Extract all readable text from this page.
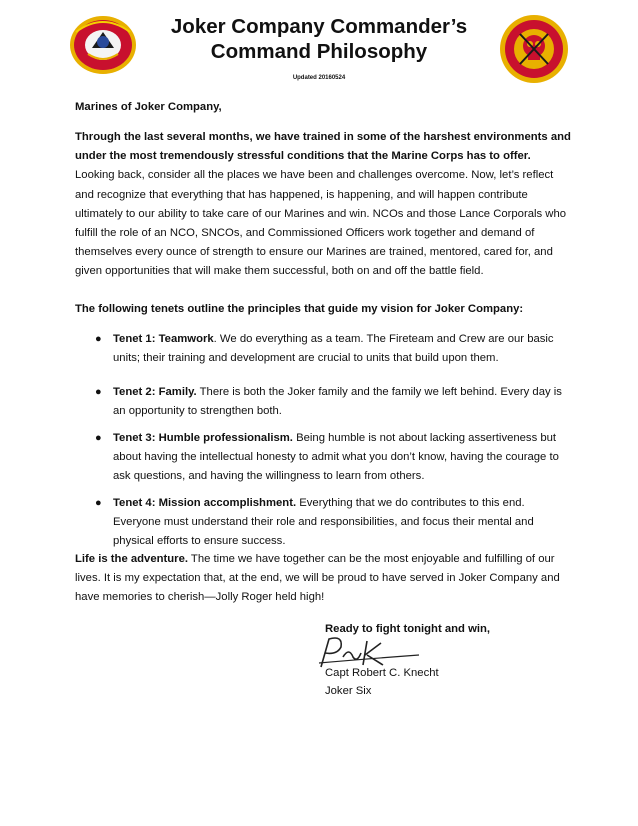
Joker Company Commander’s
Command Philosophy
Updated 20160524
Marines of Joker Company,
Through the last several months, we have trained in some of the harshest environments and under the most tremendously stressful conditions that the Marine Corps has to offer. Looking back, consider all the places we have been and challenges overcome. Now, let’s reflect and recognize that everything that has happened, is happening, and will happen contribute ultimately to our ability to take care of our Marines and win. NCOs and those Lance Corporals who fulfill the role of an NCO, SNCOs, and Commissioned Officers work together and demand of themselves every ounce of strength to ensure our Marines are trained, mentored, cared for, and given opportunities that will make them successful, both on and off the battle field.
The following tenets outline the principles that guide my vision for Joker Company:
● Tenet 1: Teamwork. We do everything as a team. The Fireteam and Crew are our basic units; their training and development are crucial to units that build upon them.
● Tenet 2: Family. There is both the Joker family and the family we left behind. Every day is an opportunity to strengthen both.
● Tenet 3: Humble professionalism. Being humble is not about lacking assertiveness but about having the intellectual honesty to admit what you don’t know, having the courage to ask questions, and having the willingness to learn from others.
● Tenet 4: Mission accomplishment. Everything that we do contributes to this end. Everyone must understand their role and responsibilities, and focus their mental and physical efforts to ensure success.
Life is the adventure. The time we have together can be the most enjoyable and fulfilling of our lives. It is my expectation that, at the end, we will be proud to have served in Joker Company and have memories to cherish—Jolly Roger held high!
Ready to fight tonight and win,
Capt Robert C. Knecht
Joker Six
